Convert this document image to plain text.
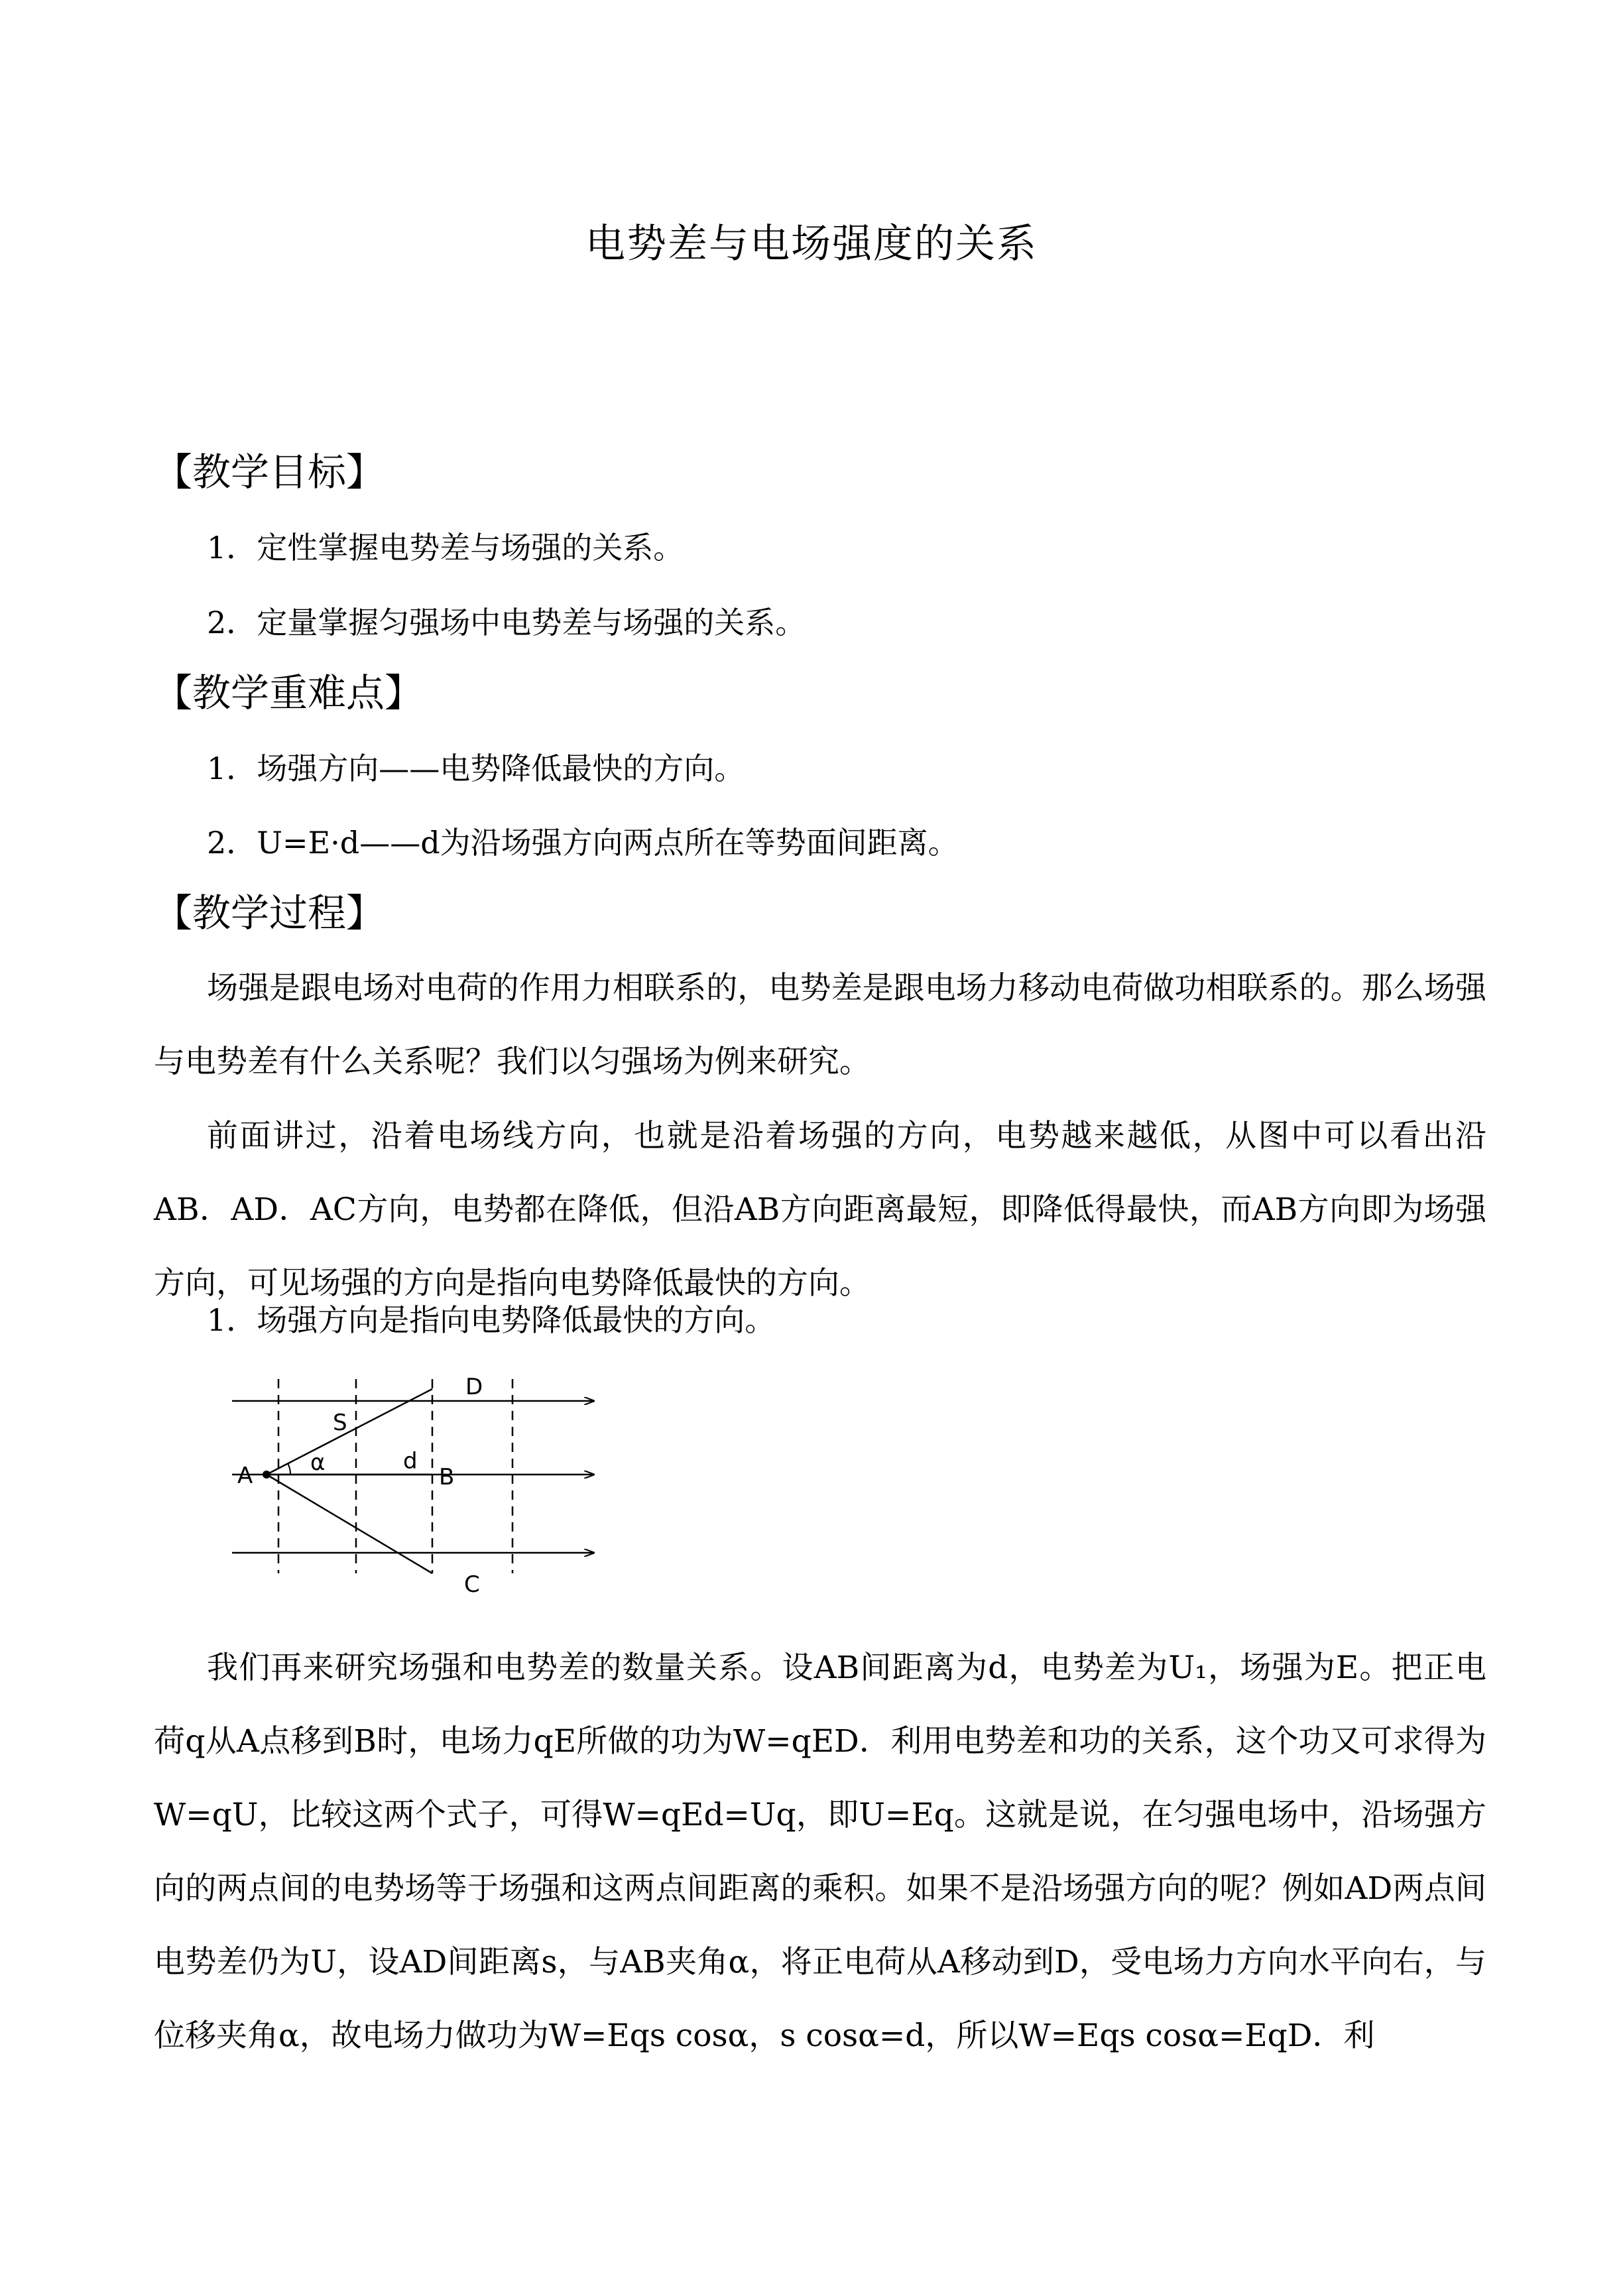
电势差与电场强度的关系
【教学目标】
1．定性掌握电势差与场强的关系。
2．定量掌握匀强场中电势差与场强的关系。
【教学重难点】
1．场强方向——电势降低最快的方向。
2．U=E·d——d为沿场强方向两点所在等势面间距离。
【教学过程】
场强是跟电场对电荷的作用力相联系的，电势差是跟电场力移动电荷做功相联系的。那么场强与电势差有什么关系呢？我们以匀强场为例来研究。
前面讲过，沿着电场线方向，也就是沿着场强的方向，电势越来越低，从图中可以看出沿AB．AD．AC方向，电势都在降低，但沿AB方向距离最短，即降低得最快，而AB方向即为场强方向，可见场强的方向是指向电势降低最快的方向。
1．场强方向是指向电势降低最快的方向。
A	B
D
C
S
d
α
我们再来研究场强和电势差的数量关系。设AB间距离为d，电势差为U₁，场强为E。把正电荷q从A点移到B时，电场力qE所做的功为W=qED．利用电势差和功的关系，这个功又可求得为W=qU，比较这两个式子，可得W=qEd=Uq，即U=Eq。这就是说，在匀强电场中，沿场强方向的两点间的电势场等于场强和这两点间距离的乘积。如果不是沿场强方向的呢？例如AD两点间电势差仍为U，设AD间距离s，与AB夹角α，将正电荷从A移动到D，受电场力方向水平向右，与位移夹角α，故电场力做功为W=Eqs cosα，s cosα=d，所以W=Eqs cosα=EqD．利
